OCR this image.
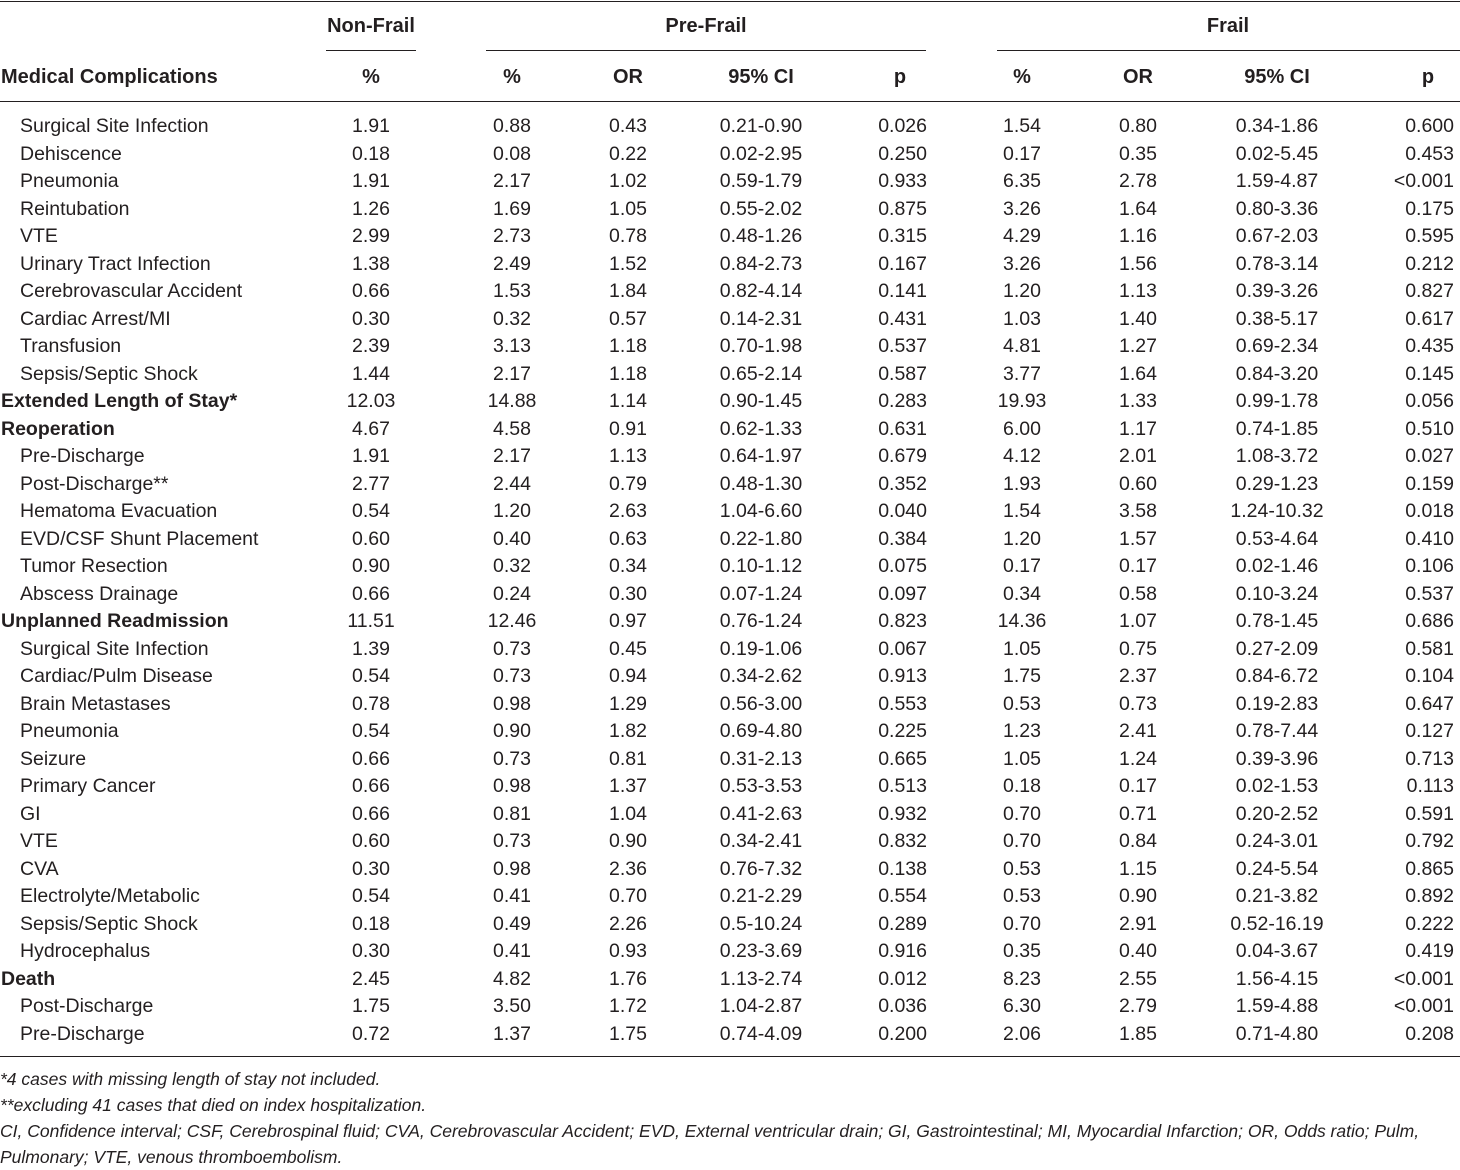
Non-Frail	Pre-Frail	Frail
Medical Complications	%	%	OR	95% CI	p	%	OR	95% CI	p
Surgical Site Infection	1.91	0.88	0.43	0.21-0.90	0.026	1.54	0.80	0.34-1.86	0.600
Dehiscence	0.18	0.08	0.22	0.02-2.95	0.250	0.17	0.35	0.02-5.45	0.453
Pneumonia	1.91	2.17	1.02	0.59-1.79	0.933	6.35	2.78	1.59-4.87	<0.001
Reintubation	1.26	1.69	1.05	0.55-2.02	0.875	3.26	1.64	0.80-3.36	0.175
VTE	2.99	2.73	0.78	0.48-1.26	0.315	4.29	1.16	0.67-2.03	0.595
Urinary Tract Infection	1.38	2.49	1.52	0.84-2.73	0.167	3.26	1.56	0.78-3.14	0.212
Cerebrovascular Accident	0.66	1.53	1.84	0.82-4.14	0.141	1.20	1.13	0.39-3.26	0.827
Cardiac Arrest/MI	0.30	0.32	0.57	0.14-2.31	0.431	1.03	1.40	0.38-5.17	0.617
Transfusion	2.39	3.13	1.18	0.70-1.98	0.537	4.81	1.27	0.69-2.34	0.435
Sepsis/Septic Shock	1.44	2.17	1.18	0.65-2.14	0.587	3.77	1.64	0.84-3.20	0.145
Extended Length of Stay*	12.03	14.88	1.14	0.90-1.45	0.283	19.93	1.33	0.99-1.78	0.056
Reoperation	4.67	4.58	0.91	0.62-1.33	0.631	6.00	1.17	0.74-1.85	0.510
Pre-Discharge	1.91	2.17	1.13	0.64-1.97	0.679	4.12	2.01	1.08-3.72	0.027
Post-Discharge**	2.77	2.44	0.79	0.48-1.30	0.352	1.93	0.60	0.29-1.23	0.159
Hematoma Evacuation	0.54	1.20	2.63	1.04-6.60	0.040	1.54	3.58	1.24-10.32	0.018
EVD/CSF Shunt Placement	0.60	0.40	0.63	0.22-1.80	0.384	1.20	1.57	0.53-4.64	0.410
Tumor Resection	0.90	0.32	0.34	0.10-1.12	0.075	0.17	0.17	0.02-1.46	0.106
Abscess Drainage	0.66	0.24	0.30	0.07-1.24	0.097	0.34	0.58	0.10-3.24	0.537
Unplanned Readmission	11.51	12.46	0.97	0.76-1.24	0.823	14.36	1.07	0.78-1.45	0.686
Surgical Site Infection	1.39	0.73	0.45	0.19-1.06	0.067	1.05	0.75	0.27-2.09	0.581
Cardiac/Pulm Disease	0.54	0.73	0.94	0.34-2.62	0.913	1.75	2.37	0.84-6.72	0.104
Brain Metastases	0.78	0.98	1.29	0.56-3.00	0.553	0.53	0.73	0.19-2.83	0.647
Pneumonia	0.54	0.90	1.82	0.69-4.80	0.225	1.23	2.41	0.78-7.44	0.127
Seizure	0.66	0.73	0.81	0.31-2.13	0.665	1.05	1.24	0.39-3.96	0.713
Primary Cancer	0.66	0.98	1.37	0.53-3.53	0.513	0.18	0.17	0.02-1.53	0.113
GI	0.66	0.81	1.04	0.41-2.63	0.932	0.70	0.71	0.20-2.52	0.591
VTE	0.60	0.73	0.90	0.34-2.41	0.832	0.70	0.84	0.24-3.01	0.792
CVA	0.30	0.98	2.36	0.76-7.32	0.138	0.53	1.15	0.24-5.54	0.865
Electrolyte/Metabolic	0.54	0.41	0.70	0.21-2.29	0.554	0.53	0.90	0.21-3.82	0.892
Sepsis/Septic Shock	0.18	0.49	2.26	0.5-10.24	0.289	0.70	2.91	0.52-16.19	0.222
Hydrocephalus	0.30	0.41	0.93	0.23-3.69	0.916	0.35	0.40	0.04-3.67	0.419
Death	2.45	4.82	1.76	1.13-2.74	0.012	8.23	2.55	1.56-4.15	<0.001
Post-Discharge	1.75	3.50	1.72	1.04-2.87	0.036	6.30	2.79	1.59-4.88	<0.001
Pre-Discharge	0.72	1.37	1.75	0.74-4.09	0.200	2.06	1.85	0.71-4.80	0.208
*4 cases with missing length of stay not included.
**excluding 41 cases that died on index hospitalization.
CI, Confidence interval; CSF, Cerebrospinal fluid; CVA, Cerebrovascular Accident; EVD, External ventricular drain; GI, Gastrointestinal; MI, Myocardial Infarction; OR, Odds ratio; Pulm,
Pulmonary; VTE, venous thromboembolism.
